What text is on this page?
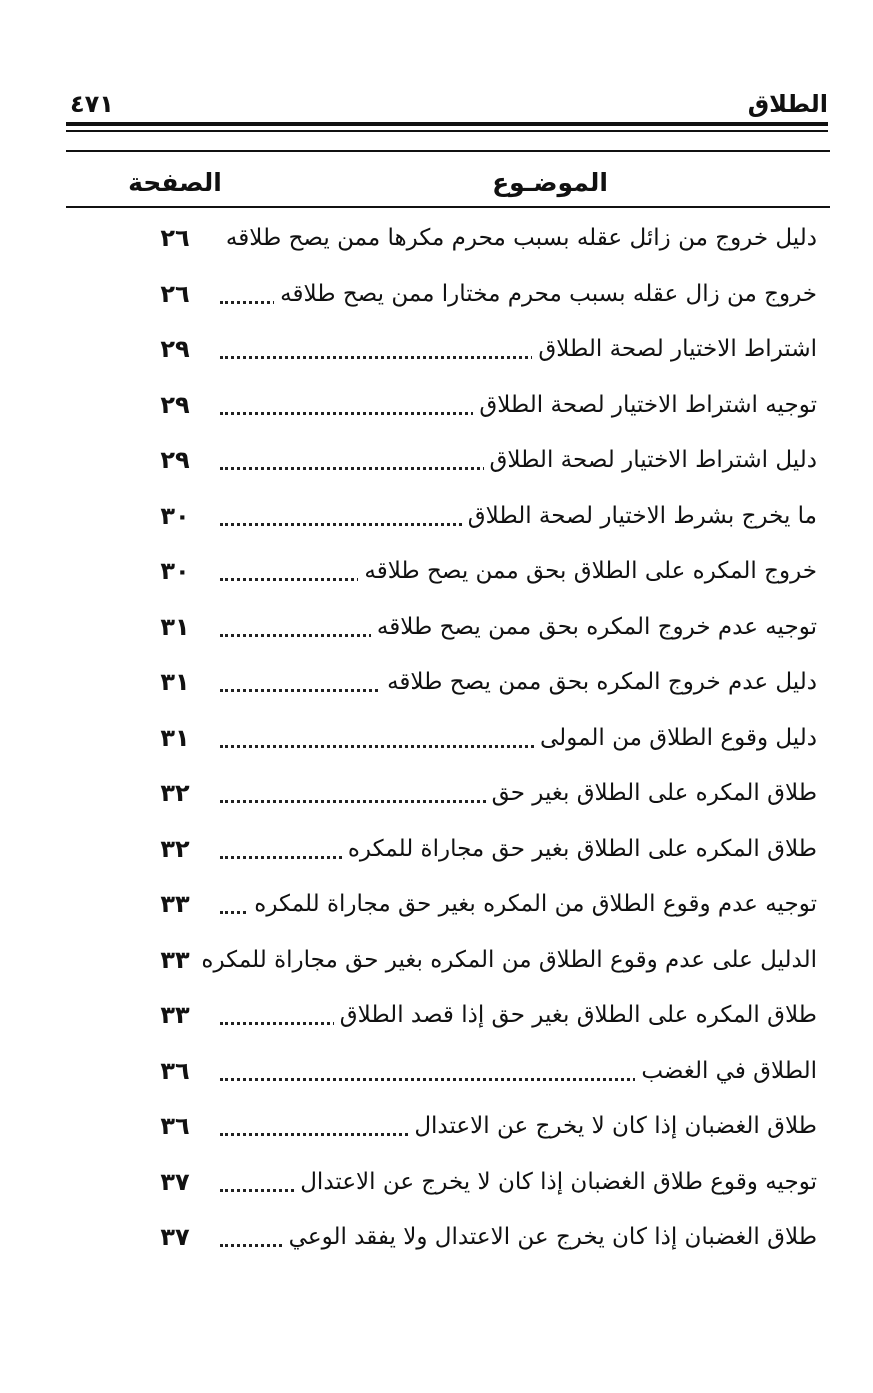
الطلاق
٤٧١
الموضـوع
الصفحة
دليل خروج من زائل عقله بسبب محرم مكرها ممن يصح طلاقه
٢٦
خروج من زال عقله بسبب محرم مختارا ممن يصح طلاقه
٢٦
اشتراط الاختيار لصحة الطلاق
٢٩
توجيه اشتراط الاختيار لصحة الطلاق
٢٩
دليل اشتراط الاختيار لصحة الطلاق
٢٩
ما يخرج بشرط الاختيار لصحة الطلاق
٣٠
خروج المكره على الطلاق بحق ممن يصح طلاقه
٣٠
توجيه عدم خروج المكره بحق ممن يصح طلاقه
٣١
دليل عدم خروج المكره بحق ممن يصح طلاقه
٣١
دليل وقوع الطلاق من المولى
٣١
طلاق المكره على الطلاق بغير حق
٣٢
طلاق المكره على الطلاق بغير حق مجاراة للمكره
٣٢
توجيه عدم وقوع الطلاق من المكره بغير حق مجاراة للمكره
٣٣
الدليل على عدم وقوع الطلاق من المكره بغير حق مجاراة للمكره
٣٣
طلاق المكره على الطلاق بغير حق إذا قصد الطلاق
٣٣
الطلاق في الغضب
٣٦
طلاق الغضبان إذا كان لا يخرج عن الاعتدال
٣٦
توجيه وقوع طلاق الغضبان إذا كان لا يخرج عن الاعتدال
٣٧
طلاق الغضبان إذا كان يخرج عن الاعتدال ولا يفقد الوعي
٣٧
